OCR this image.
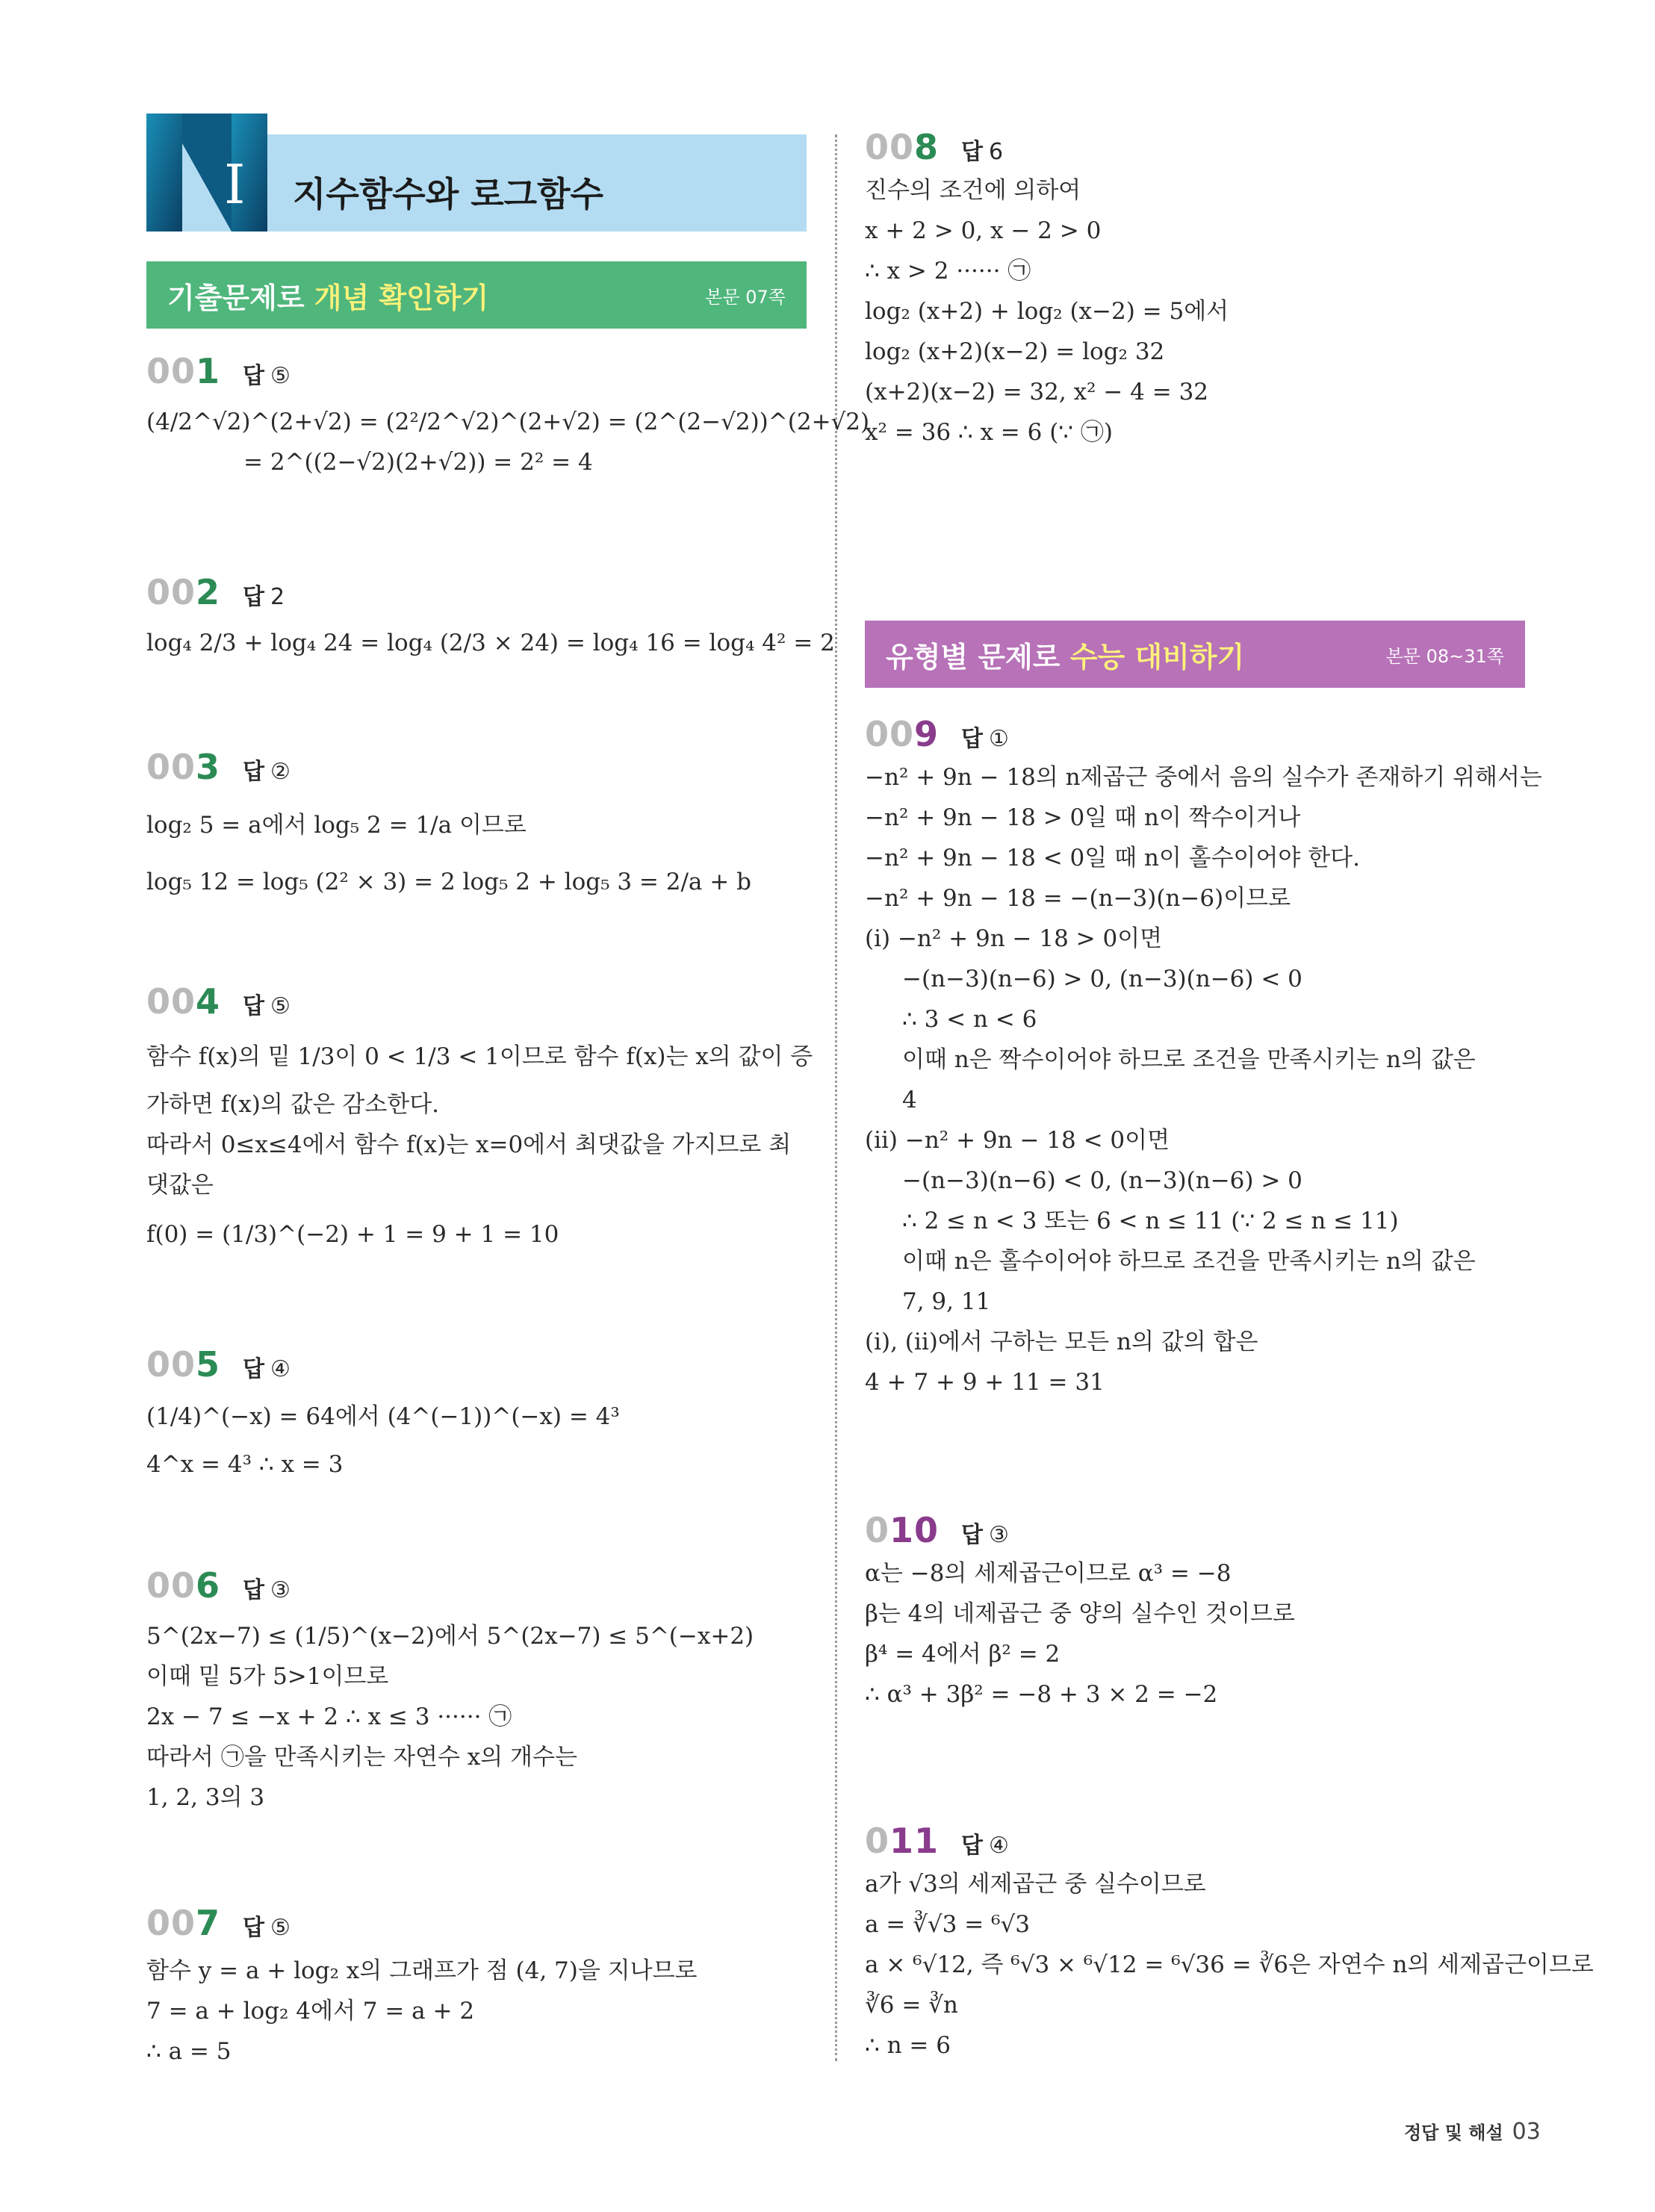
I 지수함수와 로그함수
기출문제로 개념 확인하기	본문 07쪽
유형별 문제로 수능 대비하기	본문 08~31쪽
001 답 ⑤
(4/2^√2)^(2+√2) = (2²/2^√2)^(2+√2) = (2^(2−√2))^(2+√2)
= 2^((2−√2)(2+√2)) = 2² = 4
002 답 2
log₄ 2/3 + log₄ 24 = log₄ (2/3 × 24) = log₄ 16 = log₄ 4² = 2
003 답 ②
log₂ 5 = a에서 log₅ 2 = 1/a 이므로
log₅ 12 = log₅ (2² × 3) = 2 log₅ 2 + log₅ 3 = 2/a + b
004 답 ⑤
함수 f(x)의 밑 1/3이 0 < 1/3 < 1이므로 함수 f(x)는 x의 값이 증
가하면 f(x)의 값은 감소한다.
따라서 0≤x≤4에서 함수 f(x)는 x=0에서 최댓값을 가지므로 최
댓값은
f(0) = (1/3)^(−2) + 1 = 9 + 1 = 10
005 답 ④
(1/4)^(−x) = 64에서 (4^(−1))^(−x) = 4³
4^x = 4³ ∴ x = 3
006 답 ③
5^(2x−7) ≤ (1/5)^(x−2)에서 5^(2x−7) ≤ 5^(−x+2)
이때 밑 5가 5>1이므로
2x − 7 ≤ −x + 2 ∴ x ≤ 3 ······ ㉠
따라서 ㉠을 만족시키는 자연수 x의 개수는
1, 2, 3의 3
007 답 ⑤
함수 y = a + log₂ x의 그래프가 점 (4, 7)을 지나므로
7 = a + log₂ 4에서 7 = a + 2
∴ a = 5
008 답 6
진수의 조건에 의하여
x + 2 > 0, x − 2 > 0
∴ x > 2 ······ ㉠
log₂ (x+2) + log₂ (x−2) = 5에서
log₂ (x+2)(x−2) = log₂ 32
(x+2)(x−2) = 32, x² − 4 = 32
x² = 36 ∴ x = 6 (∵ ㉠)
009 답 ①
−n² + 9n − 18의 n제곱근 중에서 음의 실수가 존재하기 위해서는
−n² + 9n − 18 > 0일 때 n이 짝수이거나
−n² + 9n − 18 < 0일 때 n이 홀수이어야 한다.
−n² + 9n − 18 = −(n−3)(n−6)이므로
(i) −n² + 9n − 18 > 0이면
−(n−3)(n−6) > 0, (n−3)(n−6) < 0
∴ 3 < n < 6
이때 n은 짝수이어야 하므로 조건을 만족시키는 n의 값은
4
(ii) −n² + 9n − 18 < 0이면
−(n−3)(n−6) < 0, (n−3)(n−6) > 0
∴ 2 ≤ n < 3 또는 6 < n ≤ 11 (∵ 2 ≤ n ≤ 11)
이때 n은 홀수이어야 하므로 조건을 만족시키는 n의 값은
7, 9, 11
(i), (ii)에서 구하는 모든 n의 값의 합은
4 + 7 + 9 + 11 = 31
010 답 ③
α는 −8의 세제곱근이므로 α³ = −8
β는 4의 네제곱근 중 양의 실수인 것이므로
β⁴ = 4에서 β² = 2
∴ α³ + 3β² = −8 + 3 × 2 = −2
011 답 ④
a가 √3의 세제곱근 중 실수이므로
a = ∛√3 = ⁶√3
a × ⁶√12, 즉 ⁶√3 × ⁶√12 = ⁶√36 = ∛6은 자연수 n의 세제곱근이므로
∛6 = ∛n
∴ n = 6
정답 및 해설 03
